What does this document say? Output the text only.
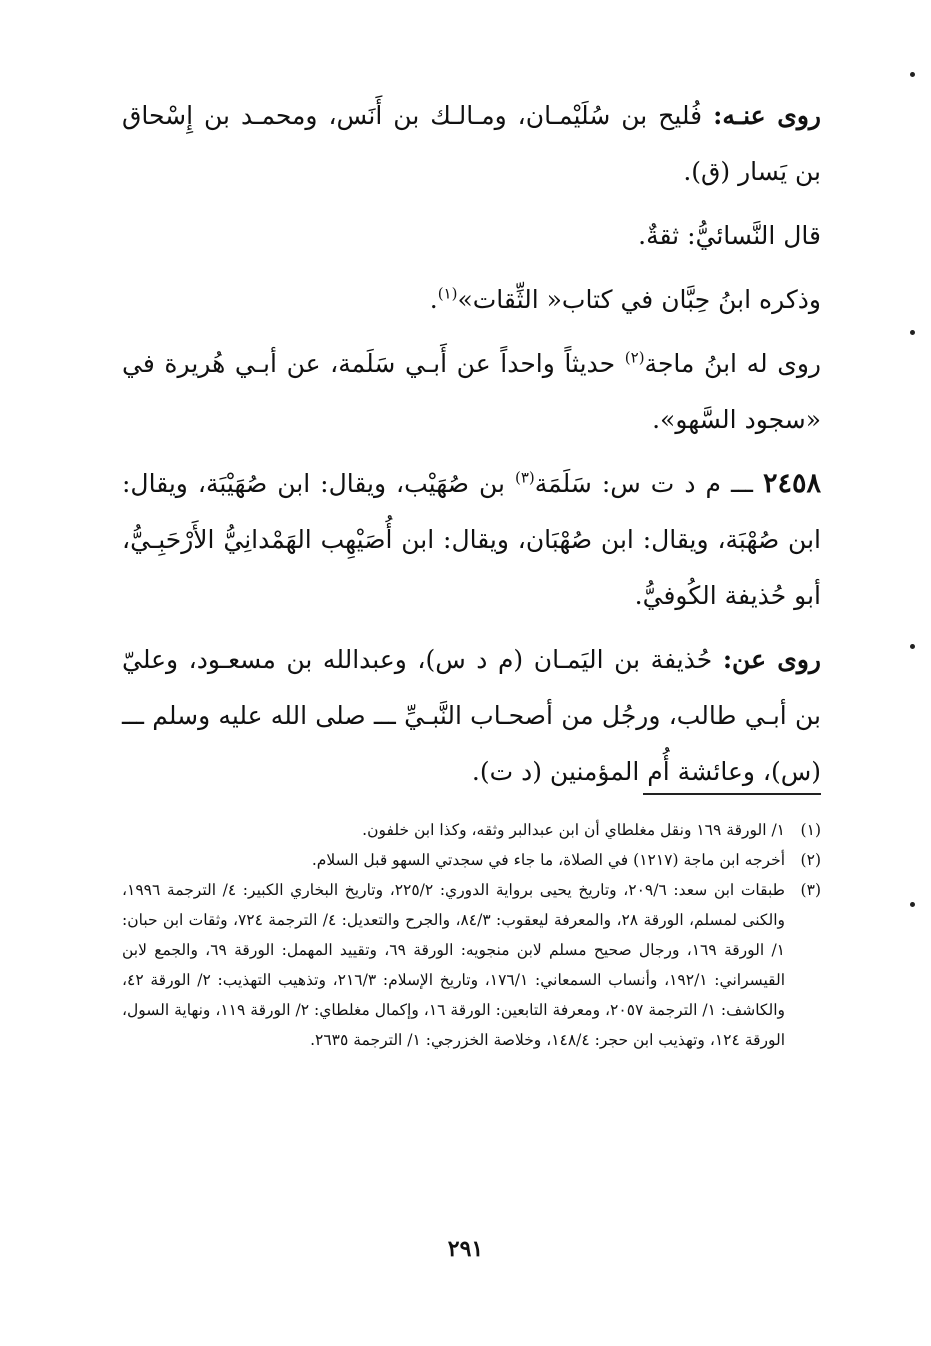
روى عنـه: فُليح بن سُلَيْمـان، ومـالـك بن أَنَس، ومحمـد بن إِسْحاق بن يَسار (ق).

قال النَّسائيُّ: ثقةٌ.

وذكره ابنُ حِبَّان في كتاب« الثِّقات»$^{(١)}$.

روى له ابنُ ماجة$^{(٢)}$ حديثاً واحداً عن أَبـي سَلَمة، عن أبـي هُريرة في «سجود السَّهو».

٢٤٥٨ ـــ م د ت س: سَلَمَة$^{(٣)}$ بن صُهَيْب، ويقال: ابن صُهَيْبَة، ويقال: ابن صُهْبَة، ويقال: ابن صُهْبَان، ويقال: ابن أُصَيْهِب الهَمْدانِيُّ الأَرْحَبِـيُّ، أبو حُذيفة الكُوفيُّ.

روى عن: حُذيفة بن اليَمـان (م د س)، وعبدالله بن مسعـود، وعليّ بن أبـي طالب، ورجُل من أصحـاب النَّبـيِّ ـــ صلى الله عليه وسلم ـــ (س)، وعائشة أُم المؤمنين (د ت).

(١)
١/ الورقة ١٦٩ ونقل مغلطاي أن ابن عبدالبر وثقه، وكذا ابن خلفون.
(٢)
أخرجه ابن ماجة (١٢١٧) في الصلاة، ما جاء في سجدتي السهو قبل السلام.
(٣)
طبقات ابن سعد: ٢٠٩/٦، وتاريخ يحيى برواية الدوري: ٢٢٥/٢، وتاريخ البخاري الكبير: ٤/ الترجمة ١٩٩٦، والكنى لمسلم، الورقة ٢٨، والمعرفة ليعقوب: ٨٤/٣، والجرح والتعديل: ٤/ الترجمة ٧٢٤، وثقات ابن حبان: ١/ الورقة ١٦٩، ورجال صحيح مسلم لابن منجويه: الورقة ٦٩، وتقييد المهمل: الورقة ٦٩، والجمع لابن القيسراني: ١٩٢/١، وأنساب السمعاني: ١٧٦/١، وتاريخ الإسلام: ٢١٦/٣، وتذهيب التهذيب: ٢/ الورقة ٤٢، والكاشف: ١/ الترجمة ٢٠٥٧، ومعرفة التابعين: الورقة ١٦، وإكمال مغلطاي: ٢/ الورقة ١١٩، ونهاية السول، الورقة ١٢٤، وتهذيب ابن حجر: ١٤٨/٤، وخلاصة الخزرجي: ١/ الترجمة ٢٦٣٥.
٢٩١
